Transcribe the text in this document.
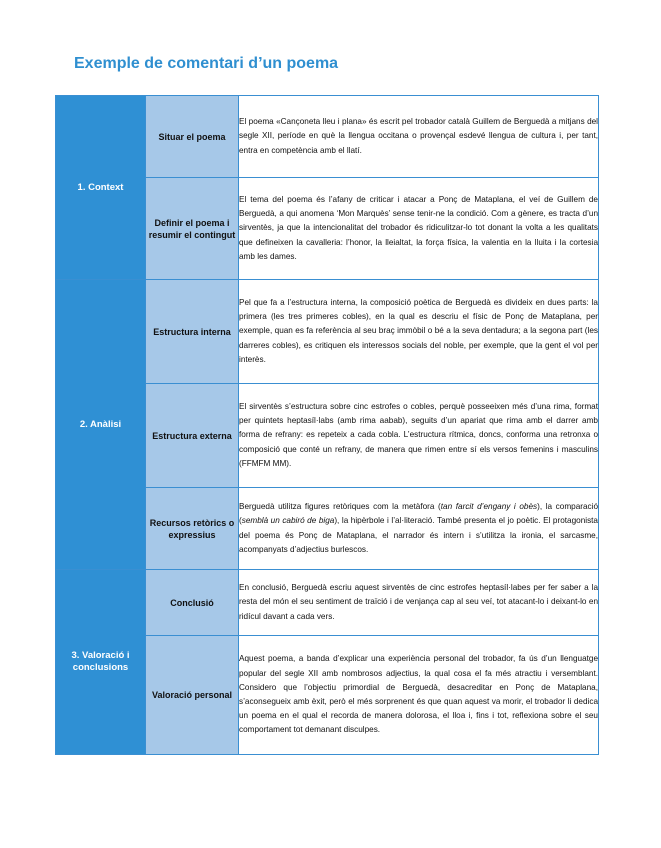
Exemple de comentari d’un poema
1. Context	Situar el poema	El poema «Cançoneta lleu i plana» és escrit pel trobador català Guillem de Berguedà a mitjans del segle XII, període en què la llengua occitana o provençal esdevé llengua de cultura i, per tant, entra en competència amb el llatí.
	Definir el poema i resumir el contingut	El tema del poema és l’afany de criticar i atacar a Ponç de Mataplana, el veí de Guillem de Berguedà, a qui anomena ‘Mon Marquès’ sense tenir-ne la condició. Com a gènere, es tracta d’un sirventès, ja que la intencionalitat del trobador és ridiculitzar-lo tot donant la volta a les qualitats que defineixen la cavalleria: l’honor, la lleialtat, la força física, la valentia en la lluita i la cortesia amb les dames.
2. Anàlisi	Estructura interna	Pel que fa a l’estructura interna, la composició poètica de Berguedà es divideix en dues parts: la primera (les tres primeres cobles), en la qual es descriu el físic de Ponç de Mataplana, per exemple, quan es fa referència al seu braç immòbil o bé a la seva dentadura; a la segona part (les darreres cobles), es critiquen els interessos socials del noble, per exemple, que la gent el vol per interès.
	Estructura externa	El sirventès s’estructura sobre cinc estrofes o cobles, perquè posseeixen més d’una rima, format per quintets heptasíl·labs (amb rima aabab), seguits d’un apariat que rima amb el darrer amb forma de refrany: es repeteix a cada cobla. L’estructura rítmica, doncs, conforma una retronxa o composició que conté un refrany, de manera que rimen entre sí els versos femenins i masculins (FFMFM MM).
	Recursos retòrics o expressius	Berguedà utilitza figures retòriques com la metàfora (tan farcit d’engany i obès), la comparació (semblà un cabiró de biga), la hipèrbole i l’al·literació. També presenta el jo poètic. El protagonista del poema és Ponç de Mataplana, el narrador és intern i s’utilitza la ironia, el sarcasme, acompanyats d’adjectius burlescos.
3. Valoració i conclusions	Conclusió	En conclusió, Berguedà escriu aquest sirventès de cinc estrofes heptasíl·labes per fer saber a la resta del món el seu sentiment de traïció i de venjança cap al seu veí, tot atacant-lo i deixant-lo en ridícul davant a cada vers.
	Valoració personal	Aquest poema, a banda d’explicar una experiència personal del trobador, fa ús d’un llenguatge popular del segle XII amb nombrosos adjectius, la qual cosa el fa més atractiu i versemblant. Considero que l’objectiu primordial de Berguedà, desacreditar en Ponç de Mataplana, s’aconsegueix amb èxit, però el més sorprenent és que quan aquest va morir, el trobador li dedica un poema en el qual el recorda de manera dolorosa, el lloa i, fins i tot, reflexiona sobre el seu comportament tot demanant disculpes.
